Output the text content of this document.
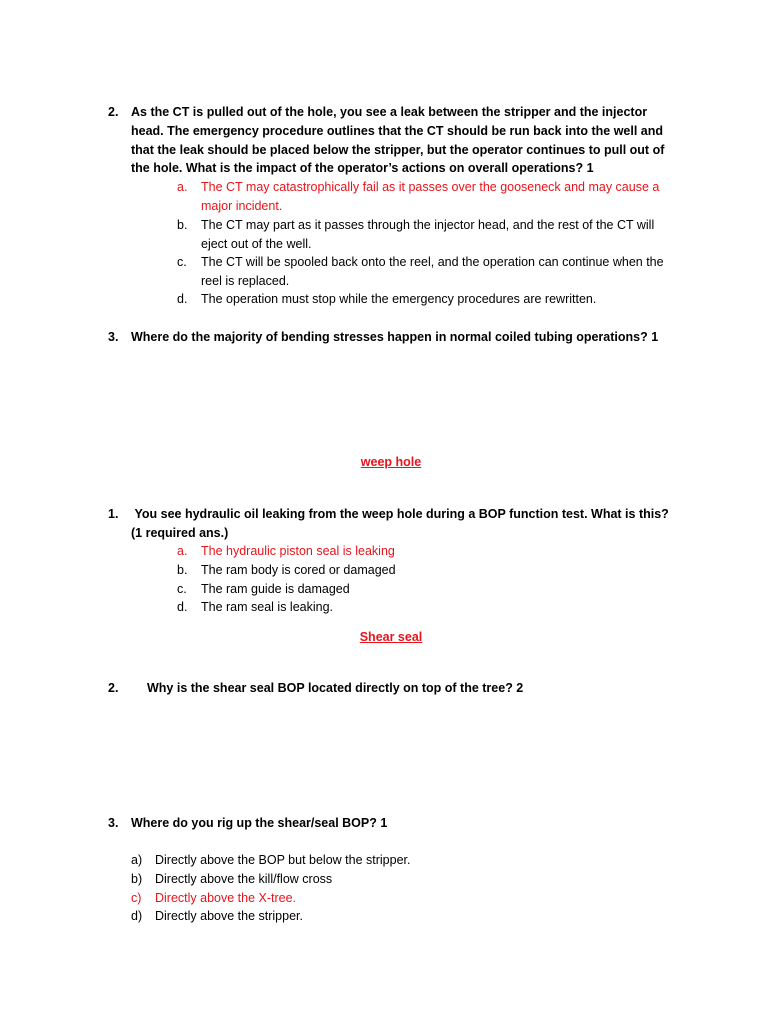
2. As the CT is pulled out of the hole, you see a leak between the stripper and the injector head. The emergency procedure outlines that the CT should be run back into the well and that the leak should be placed below the stripper, but the operator continues to pull out of the hole. What is the impact of the operator’s actions on overall operations? 1
a. The CT may catastrophically fail as it passes over the gooseneck and may cause a major incident.
b. The CT may part as it passes through the injector head, and the rest of the CT will eject out of the well.
c. The CT will be spooled back onto the reel, and the operation can continue when the reel is replaced.
d. The operation must stop while the emergency procedures are rewritten.
3. Where do the majority of bending stresses happen in normal coiled tubing operations? 1
weep hole
1. You see hydraulic oil leaking from the weep hole during a BOP function test. What is this? (1 required ans.)
a. The hydraulic piston seal is leaking
b. The ram body is cored or damaged
c. The ram guide is damaged
d. The ram seal is leaking.
Shear seal
2. Why is the shear seal BOP located directly on top of the tree? 2
3. Where do you rig up the shear/seal BOP? 1
a) Directly above the BOP but below the stripper.
b) Directly above the kill/flow cross
c) Directly above the X-tree.
d) Directly above the stripper.
